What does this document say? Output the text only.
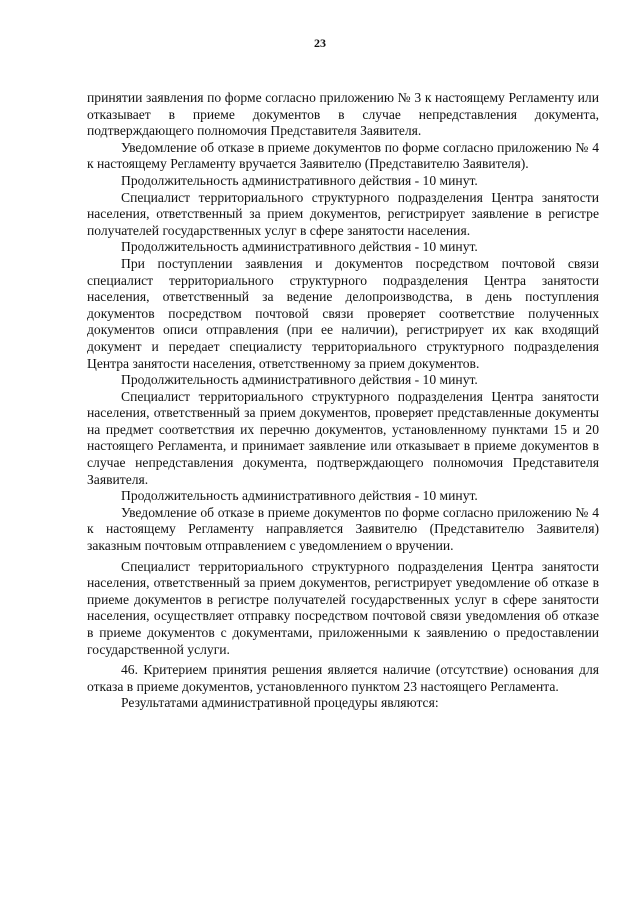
23

принятии заявления по форме согласно приложению № 3 к настоящему Регламенту или отказывает в приеме документов в случае непредставления документа, подтверждающего полномочия Представителя Заявителя.

Уведомление об отказе в приеме документов по форме согласно приложению № 4 к настоящему Регламенту вручается Заявителю (Представителю Заявителя).

Продолжительность административного действия - 10 минут.

Специалист территориального структурного подразделения Центра занятости населения, ответственный за прием документов, регистрирует заявление в регистре получателей государственных услуг в сфере занятости населения.

Продолжительность административного действия - 10 минут.

При поступлении заявления и документов посредством почтовой связи специалист территориального структурного подразделения Центра занятости населения, ответственный за ведение делопроизводства, в день поступления документов посредством почтовой связи проверяет соответствие полученных документов описи отправления (при ее наличии), регистрирует их как входящий документ и передает специалисту территориального структурного подразделения Центра занятости населения, ответственному за прием документов.

Продолжительность административного действия - 10 минут.

Специалист территориального структурного подразделения Центра занятости населения, ответственный за прием документов, проверяет представленные документы на предмет соответствия их перечню документов, установленному пунктами 15 и 20 настоящего Регламента, и принимает заявление или отказывает в приеме документов в случае непредставления документа, подтверждающего полномочия Представителя Заявителя.

Продолжительность административного действия - 10 минут.

Уведомление об отказе в приеме документов по форме согласно приложению № 4 к настоящему Регламенту направляется Заявителю (Представителю Заявителя) заказным почтовым отправлением с уведомлением о вручении.

Специалист территориального структурного подразделения Центра занятости населения, ответственный за прием документов, регистрирует уведомление об отказе в приеме документов в регистре получателей государственных услуг в сфере занятости населения, осуществляет отправку посредством почтовой связи уведомления об отказе в приеме документов с документами, приложенными к заявлению о предоставлении государственной услуги.

46. Критерием принятия решения является наличие (отсутствие) основания для отказа в приеме документов, установленного пунктом 23 настоящего Регламента.

Результатами административной процедуры являются:
